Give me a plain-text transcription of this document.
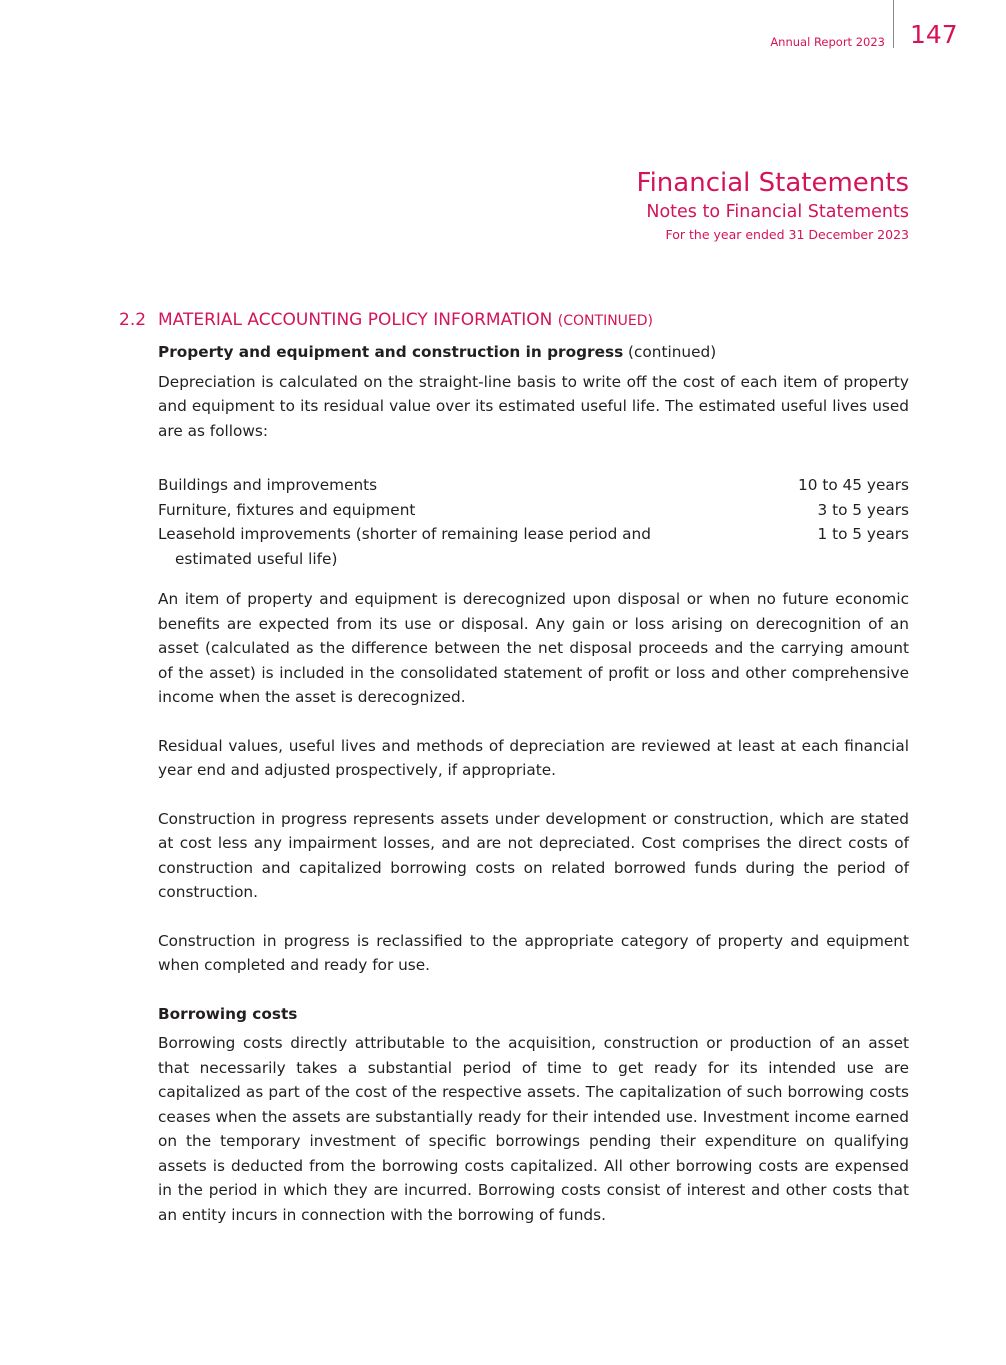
Annual Report 2023 147
Financial Statements
Notes to Financial Statements
For the year ended 31 December 2023
2.2 MATERIAL ACCOUNTING POLICY INFORMATION (CONTINUED)

Property and equipment and construction in progress (continued)

Depreciation is calculated on the straight-line basis to write off the cost of each item of property and equipment to its residual value over its estimated useful life. The estimated useful lives used are as follows:

Buildings and improvements	10 to 45 years
Furniture, fixtures and equipment	3 to 5 years
Leasehold improvements (shorter of remaining lease period and
estimated useful life)
1 to 5 years

An item of property and equipment is derecognized upon disposal or when no future economic benefits are expected from its use or disposal. Any gain or loss arising on derecognition of an asset (calculated as the difference between the net disposal proceeds and the carrying amount of the asset) is included in the consolidated statement of profit or loss and other comprehensive income when the asset is derecognized.

Residual values, useful lives and methods of depreciation are reviewed at least at each financial year end and adjusted prospectively, if appropriate.

Construction in progress represents assets under development or construction, which are stated at cost less any impairment losses, and are not depreciated. Cost comprises the direct costs of construction and capitalized borrowing costs on related borrowed funds during the period of construction.

Construction in progress is reclassified to the appropriate category of property and equipment when completed and ready for use.

Borrowing costs

Borrowing costs directly attributable to the acquisition, construction or production of an asset that necessarily takes a substantial period of time to get ready for its intended use are capitalized as part of the cost of the respective assets. The capitalization of such borrowing costs ceases when the assets are substantially ready for their intended use. Investment income earned on the temporary investment of specific borrowings pending their expenditure on qualifying assets is deducted from the borrowing costs capitalized. All other borrowing costs are expensed in the period in which they are incurred. Borrowing costs consist of interest and other costs that an entity incurs in connection with the borrowing of funds.
